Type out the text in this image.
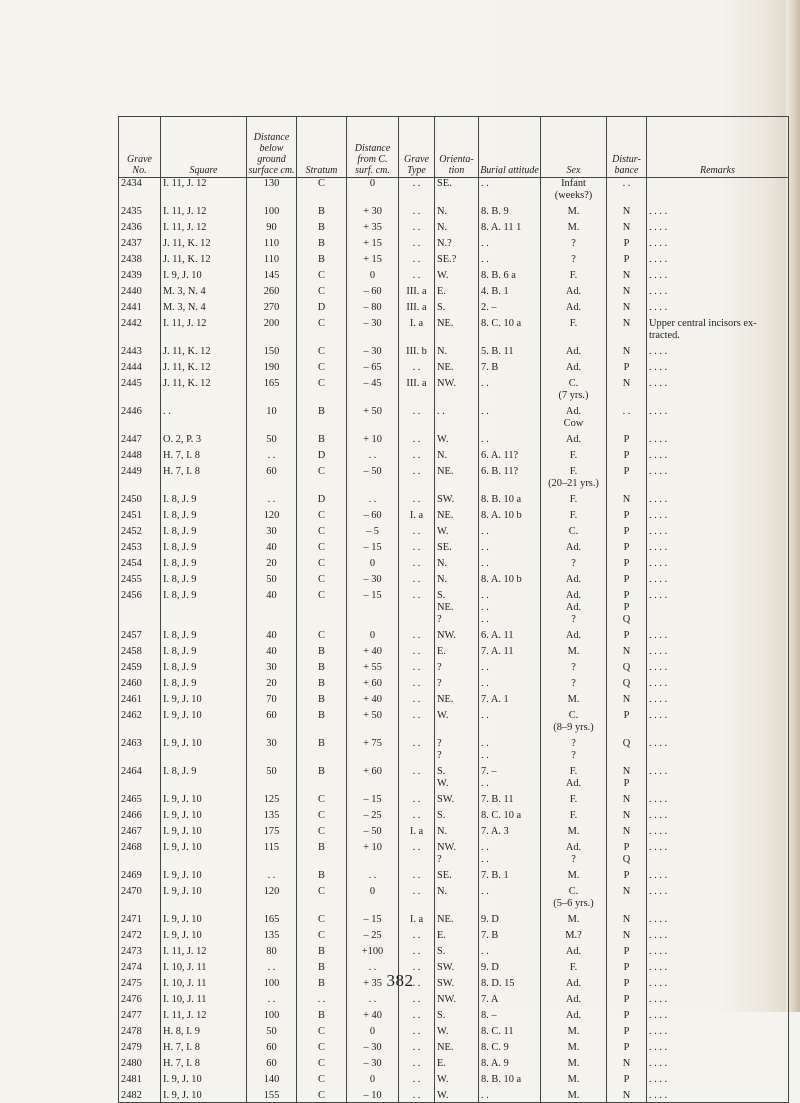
Grave No.	Square	Distance below ground surface cm.	Stratum	Distance from C. surf. cm.	Grave Type	Orienta- tion	Burial attitude	Sex	Distur- bance	Remarks
2434	I. 11, J. 12	130	C	0	. .	SE.	. .	Infant	. .	
								(weeks?)		
2435	I. 11, J. 12	100	B	+ 30	. .	N.	8. B. 9	M.	N	. . . .
2436	I. 11, J. 12	90	B	+ 35	. .	N.	8. A. 11 1	M.	N	. . . .
2437	J. 11, K. 12	110	B	+ 15	. .	N.?	. .	?	P	. . . .
2438	J. 11, K. 12	110	B	+ 15	. .	SE.?	. .	?	P	. . . .
2439	I. 9, J. 10	145	C	0	. .	W.	8. B. 6 a	F.	N	. . . .
2440	M. 3, N. 4	260	C	– 60	III. a	E.	4. B. 1	Ad.	N	. . . .
2441	M. 3, N. 4	270	D	– 80	III. a	S.	2. –	Ad.	N	. . . .
2442	I. 11, J. 12	200	C	– 30	I. a	NE.	8. C. 10 a	F.	N	Upper central incisors ex-
										tracted.
2443	J. 11, K. 12	150	C	– 30	III. b	N.	5. B. 11	Ad.	N	. . . .
2444	J. 11, K. 12	190	C	– 65	. .	NE.	7. B	Ad.	P	. . . .
2445	J. 11, K. 12	165	C	– 45	III. a	NW.	. .	C.	N	. . . .
								(7 yrs.)		
2446	. .	10	B	+ 50	. .	. .	. .	Ad.	. .	. . . .
								Cow		
2447	O. 2, P. 3	50	B	+ 10	. .	W.	. .	Ad.	P	. . . .
2448	H. 7, I. 8	. .	D	. .	. .	N.	6. A. 11?	F.	P	. . . .
2449	H. 7, I. 8	60	C	– 50	. .	NE.	6. B. 11?	F.	P	. . . .
								(20–21 yrs.)		
2450	I. 8, J. 9	. .	D	. .	. .	SW.	8. B. 10 a	F.	N	. . . .
2451	I. 8, J. 9	120	C	– 60	I. a	NE.	8. A. 10 b	F.	P	. . . .
2452	I. 8, J. 9	30	C	– 5	. .	W.	. .	C.	P	. . . .
2453	I. 8, J. 9	40	C	– 15	. .	SE.	. .	Ad.	P	. . . .
2454	I. 8, J. 9	20	C	0	. .	N.	. .	?	P	. . . .
2455	I. 8, J. 9	50	C	– 30	. .	N.	8. A. 10 b	Ad.	P	. . . .
2456	I. 8, J. 9	40	C	– 15	. .	S.	. .	Ad.	P	. . . .
						NE.	. .	Ad.	P	
						?	. .	?	Q	
2457	I. 8, J. 9	40	C	0	. .	NW.	6. A. 11	Ad.	P	. . . .
2458	I. 8, J. 9	40	B	+ 40	. .	E.	7. A. 11	M.	N	. . . .
2459	I. 8, J. 9	30	B	+ 55	. .	?	. .	?	Q	. . . .
2460	I. 8, J. 9	20	B	+ 60	. .	?	. .	?	Q	. . . .
2461	I. 9, J. 10	70	B	+ 40	. .	NE.	7. A. 1	M.	N	. . . .
2462	I. 9, J. 10	60	B	+ 50	. .	W.	. .	C.	P	. . . .
								(8–9 yrs.)		
2463	I. 9, J. 10	30	B	+ 75	. .	?	. .	?	Q	. . . .
						?	. .	?		
2464	I. 8, J. 9	50	B	+ 60	. .	S.	7. –	F.	N	. . . .
						W.	. .	Ad.	P	
2465	I. 9, J. 10	125	C	– 15	. .	SW.	7. B. 11	F.	N	. . . .
2466	I. 9, J. 10	135	C	– 25	. .	S.	8. C. 10 a	F.	N	. . . .
2467	I. 9, J. 10	175	C	– 50	I. a	N.	7. A. 3	M.	N	. . . .
2468	I. 9, J. 10	115	B	+ 10	. .	NW.	. .	Ad.	P	. . . .
						?	. .	?	Q	
2469	I. 9, J. 10	. .	B	. .	. .	SE.	7. B. 1	M.	P	. . . .
2470	I. 9, J. 10	120	C	0	. .	N.	. .	C.	N	. . . .
								(5–6 yrs.)		
2471	I. 9, J. 10	165	C	– 15	I. a	NE.	9. D	M.	N	. . . .
2472	I. 9, J. 10	135	C	– 25	. .	E.	7. B	M.?	N	. . . .
2473	I. 11, J. 12	80	B	+100	. .	S.	. .	Ad.	P	. . . .
2474	I. 10, J. 11	. .	B	. .	. .	SW.	9. D	F.	P	. . . .
2475	I. 10, J. 11	100	B	+ 35	. .	SW.	8. D. 15	Ad.	P	. . . .
2476	I. 10, J. 11	. .	. .	. .	. .	NW.	7. A	Ad.	P	. . . .
2477	I. 11, J. 12	100	B	+ 40	. .	S.	8. –	Ad.	P	. . . .
2478	H. 8, I. 9	50	C	0	. .	W.	8. C. 11	M.	P	. . . .
2479	H. 7, I. 8	60	C	– 30	. .	NE.	8. C. 9	M.	P	. . . .
2480	H. 7, I. 8	60	C	– 30	. .	E.	8. A. 9	M.	N	. . . .
2481	I. 9, J. 10	140	C	0	. .	W.	8. B. 10 a	M.	P	. . . .
2482	I. 9, J. 10	155	C	– 10	. .	W.	. .	M.	N	. . . .
382
